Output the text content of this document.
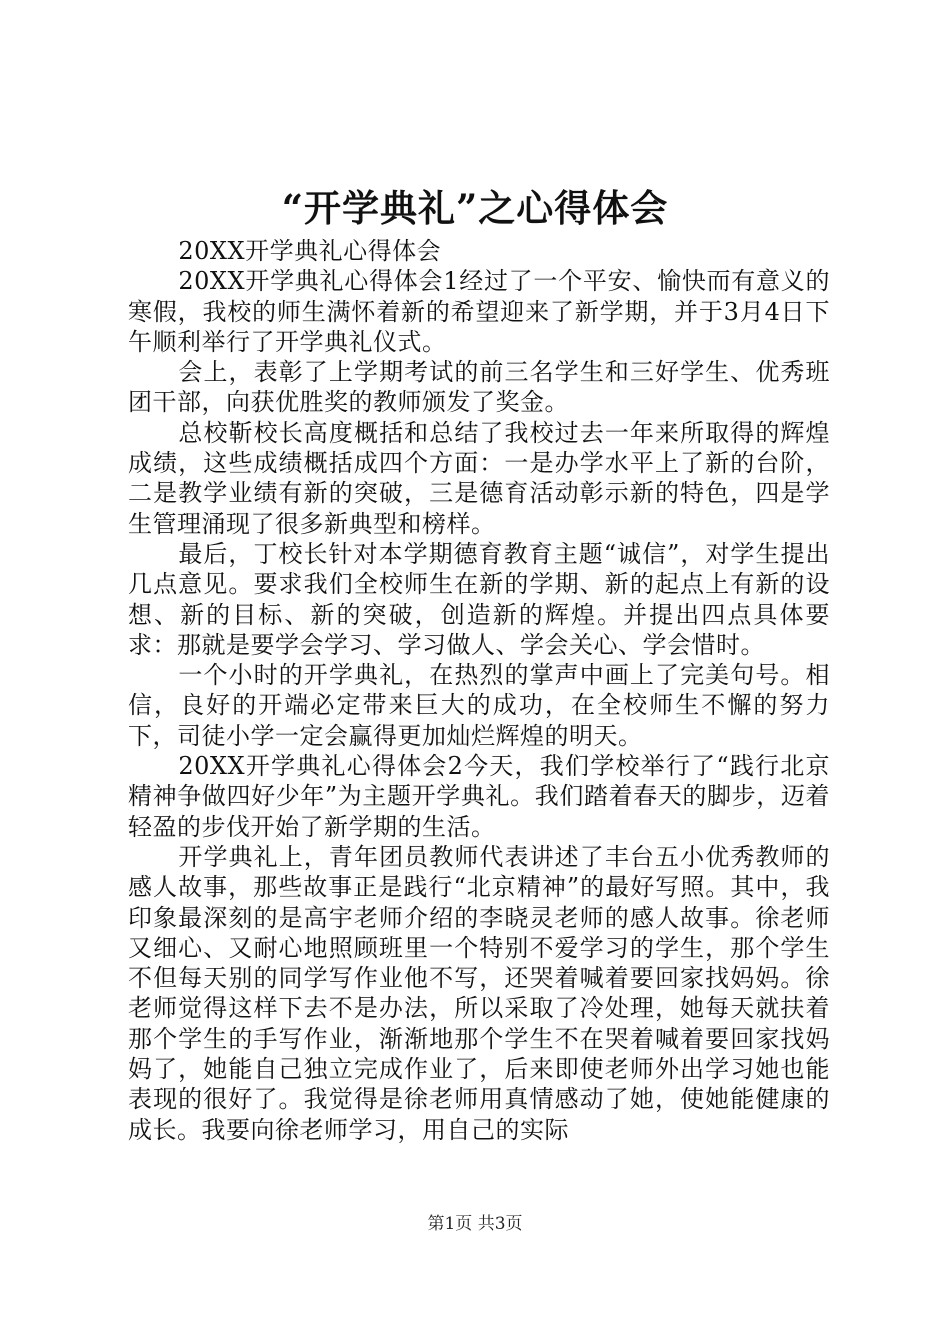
“开学典礼”之心得体会

20XX开学典礼心得体会

20XX开学典礼心得体会1经过了一个平安、愉快而有意义的寒假，我校的师生满怀着新的希望迎来了新学期，并于3月4日下午顺利举行了开学典礼仪式。

会上，表彰了上学期考试的前三名学生和三好学生、优秀班团干部，向获优胜奖的教师颁发了奖金。

总校靳校长高度概括和总结了我校过去一年来所取得的辉煌成绩，这些成绩概括成四个方面：一是办学水平上了新的台阶，二是教学业绩有新的突破，三是德育活动彰示新的特色，四是学生管理涌现了很多新典型和榜样。

最后，丁校长针对本学期德育教育主题“诚信”，对学生提出几点意见。要求我们全校师生在新的学期、新的起点上有新的设想、新的目标、新的突破，创造新的辉煌。并提出四点具体要求：那就是要学会学习、学习做人、学会关心、学会惜时。

一个小时的开学典礼，在热烈的掌声中画上了完美句号。相信，良好的开端必定带来巨大的成功，在全校师生不懈的努力下，司徒小学一定会赢得更加灿烂辉煌的明天。

20XX开学典礼心得体会2今天，我们学校举行了“践行北京精神争做四好少年”为主题开学典礼。我们踏着春天的脚步，迈着轻盈的步伐开始了新学期的生活。

开学典礼上，青年团员教师代表讲述了丰台五小优秀教师的感人故事，那些故事正是践行“北京精神”的最好写照。其中，我印象最深刻的是高宇老师介绍的李晓灵老师的感人故事。徐老师又细心、又耐心地照顾班里一个特别不爱学习的学生，那个学生不但每天别的同学写作业他不写，还哭着喊着要回家找妈妈。徐老师觉得这样下去不是办法，所以采取了冷处理，她每天就扶着那个学生的手写作业，渐渐地那个学生不在哭着喊着要回家找妈妈了，她能自己独立完成作业了，后来即使老师外出学习她也能表现的很好了。我觉得是徐老师用真情感动了她，使她能健康的成长。我要向徐老师学习，用自己的实际

第1页 共3页
